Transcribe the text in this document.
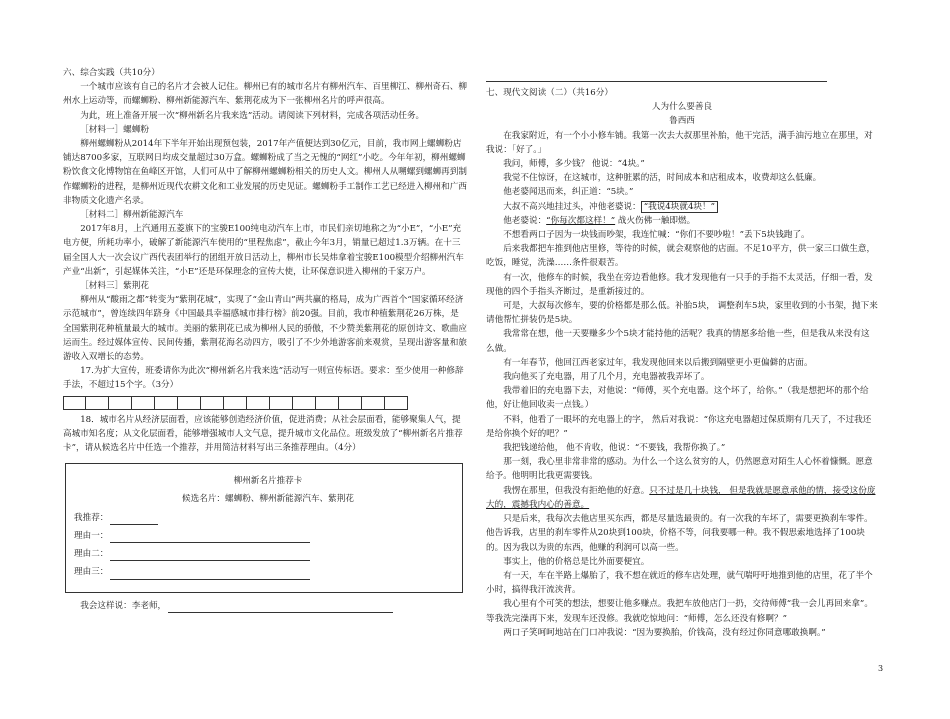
六、综合实践（共10分）

一个城市应该有自己的名片才会被人记住。柳州已有的城市名片有柳州汽车、百里柳江、柳州奇石、柳州水上运动等，而螺蛳粉、柳州新能源汽车、紫荆花成为下一张柳州名片的呼声很高。

为此，班上准备开展一次“柳州新名片我来选”活动。请阅读下列材料，完成各项活动任务。

［材料一］螺蛳粉

柳州螺蛳粉从2014年下半年开始出现预包装，2017年产值便达到30亿元，目前，我市网上螺蛳粉店铺达8700多家，互联网日均成交量超过30万盒。螺蛳粉成了当之无愧的“网红”小吃。今年年初，柳州螺蛳粉饮食文化博物馆在鱼峰区开馆，人们可从中了解柳州螺蛳粉相关的历史人文。柳州人从嗍螺到螺蛳再到制作螺蛳粉的进程，是柳州近现代农耕文化和工业发展的历史见证。螺蛳粉手工制作工艺已经进入柳州和广西非物质文化遗产名录。

［材料二］柳州新能源汽车

2017年8月，上汽通用五菱旗下的宝骏E100纯电动汽车上市，市民们亲切地称之为“小E”，“小E”充电方便，所耗功率小，破解了新能源汽车使用的“里程焦虑”，截止今年3月，销量已超过1.3万辆。在十三届全国人大一次会议广西代表团举行的团组开放日活动上，柳州市长吴炜拿着宝骏E100模型介绍柳州汽车产业“出新”，引起媒体关注，“小E”还是环保理念的宣传大使，让环保意识进入柳州的千家万户。

［材料三］紫荆花

柳州从“酸雨之都”转变为“紫荆花城”，实现了“金山青山”两共赢的格局，成为广西首个“国家循环经济示范城市”，曾连续四年跻身《中国最具幸福感城市排行榜》前20强。目前，我市种植紫荆花26万株，是全国紫荆花种植量最大的城市。美丽的紫荆花已成为柳州人民的骄傲，不少赞美紫荆花的原创诗文、歌曲应运而生。经过媒体宣传、民间传播，紫荆花海名动四方，吸引了不少外地游客前来观赏，呈现出游客量和旅游收入双增长的态势。

17.为扩大宣传，班委请你为此次“柳州新名片我来选”活动写一则宣传标语。要求：至少使用一种修辞手法，不超过15个字。（3分）

18．城市名片从经济层面看，应该能够创造经济价值，促进消费；从社会层面看，能够聚集人气，提高城市知名度；从文化层面看，能够增强城市人文气息，提升城市文化品位。班级发放了“柳州新名片推荐卡”，请从候选名片中任选一个推荐，并用简洁材料写出三条推荐理由。（4分）

柳州新名片推荐卡
候选名片：螺蛳粉、柳州新能源汽车、紫荆花
我推荐：
理由一：
理由二：
理由三：

我会这样说：李老师，

七、现代文阅读（二）（共16分）

人为什么要善良

鲁西西

在我家附近，有一个小小修车铺。我第一次去大叔那里补胎，他干完活，满手油污地立在那里，对我说：「好了。」

我问，师傅，多少钱？ 他说：“4块。”

我觉不住惊讶，在这城市，这种脏累的活，时间成本和店租成本，收费却这么低廉。

他老婆闻迅而来，纠正道：“5块。”

大叔不高兴地挂过头，冲他老婆说： “我说4块就4块！”

他老婆说：“你每次都这样！” 战火伤佛一触即燃。

不想看两口子因为一块钱而吵架，我连忙喊：“你们不要吵啦！”丢下5块钱跑了。

后来我都把车推到他店里修，等待的时候，就会观察他的店面。不足10平方，供一家三口做生意，吃饭，睡觉，洗澡……条件很艰苦。

有一次，他修车的时候，我坐在旁边看他修。我才发现他有一只手的手指不太灵活，仔细一看，发现他的四个手指头齐断过，是重新接过的。

可是，大叔每次修车，要的价格都是那么低。补胎5块， 调整刹车5块，家里收到的小书架，抛下来请他帮忙拼装仍是5块。

我常常在想，他一天要赚多少个5块才能持他的活呢？我真的情愿多给他一些，但是我从来没有这么做。

有一年春节，他回江西老家过年，我发现他回来以后搬到隔壁更小更偏僻的店面。

我向他买了充电器，用了几个月，充电器被我弄坏了。

我带着旧的充电器下去，对他说：“师傅，买个充电器。这个坏了，给你。”（我是想把坏的那个给他，好让他回收卖一点钱。）

不料，他看了一眼坏的充电器上的字， 然后对我说：“你这充电器超过保质期有几天了，不过我还是给你换个好的吧？”

我把钱递给他， 他不肯收，他说：“不要钱，我帮你换了。”

那一刻，我心里非常非常的感动。为什么一个这么贫穷的人，仍然愿意对陌生人心怀着慷慨。愿意给予。他明明比我更需要钱。

我愣在那里，但我没有拒绝他的好意。只不过是几十块钱， 但是我就是愿意承他的情，接受这份庞大的，震撼我内心的善意。

只是后来，我每次去他店里买东西，都是尽量选最贵的。有一次我的车坏了，需要更换刹车零件。他告诉我，店里的刹车零件从20块到100块，价格不等，问我要哪一种。我不假思索地选择了100块的。因为我以为贵的东西，他赚的利润可以高一些。

事实上，他的价格总是比外面要便宜。

有一天，车在半路上爆胎了，我不想在就近的修车店处理，就气喘吁吁地推到他的店里，花了半个小时，搞得我汗流浃背。

我心里有个可笑的想法，想要让他多赚点。我把车放他店门一扔，交待师傅“我一会儿再回来拿”。等我洗完澡再下来，发现车还没修。我就吃惊地问：“师傅，怎么还没有修啊？”

两口子笑呵呵地站在门口冲我说：“因为要换胎，价钱高，没有经过你同意哪敢换啊。”

3
